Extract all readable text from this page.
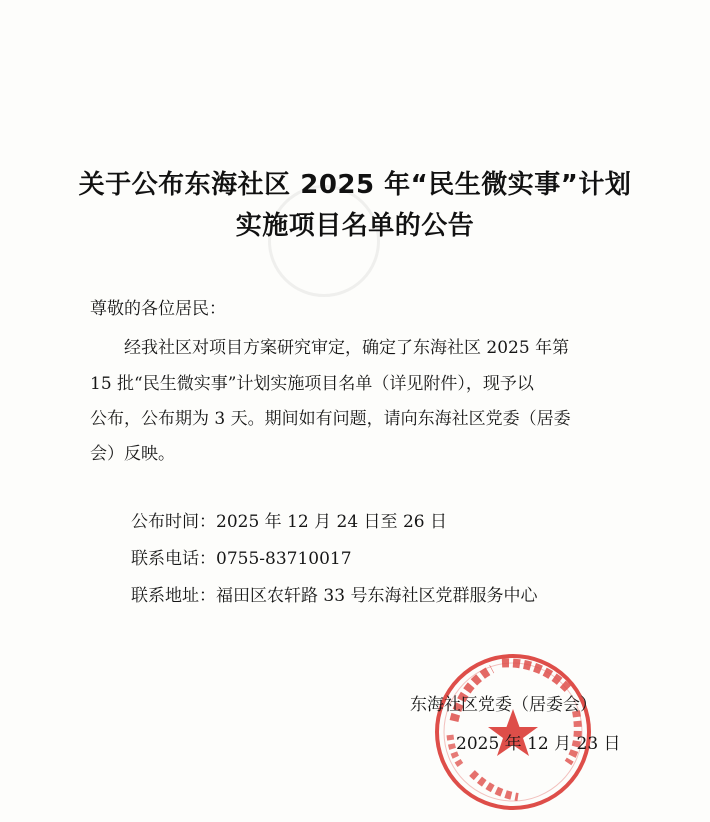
关于公布东海社区 2025 年“民生微实事”计划
实施项目名单的公告
尊敬的各位居民：
经我社区对项目方案研究审定，确定了东海社区 2025 年第
15 批“民生微实事”计划实施项目名单（详见附件），现予以
公布，公布期为 3 天。期间如有问题，请向东海社区党委（居委
会）反映。
公布时间：2025 年 12 月 24 日至 26 日
联系电话：0755-83710017
联系地址：福田区农轩路 33 号东海社区党群服务中心
东海社区党委（居委会）
2025 年 12 月 23 日
